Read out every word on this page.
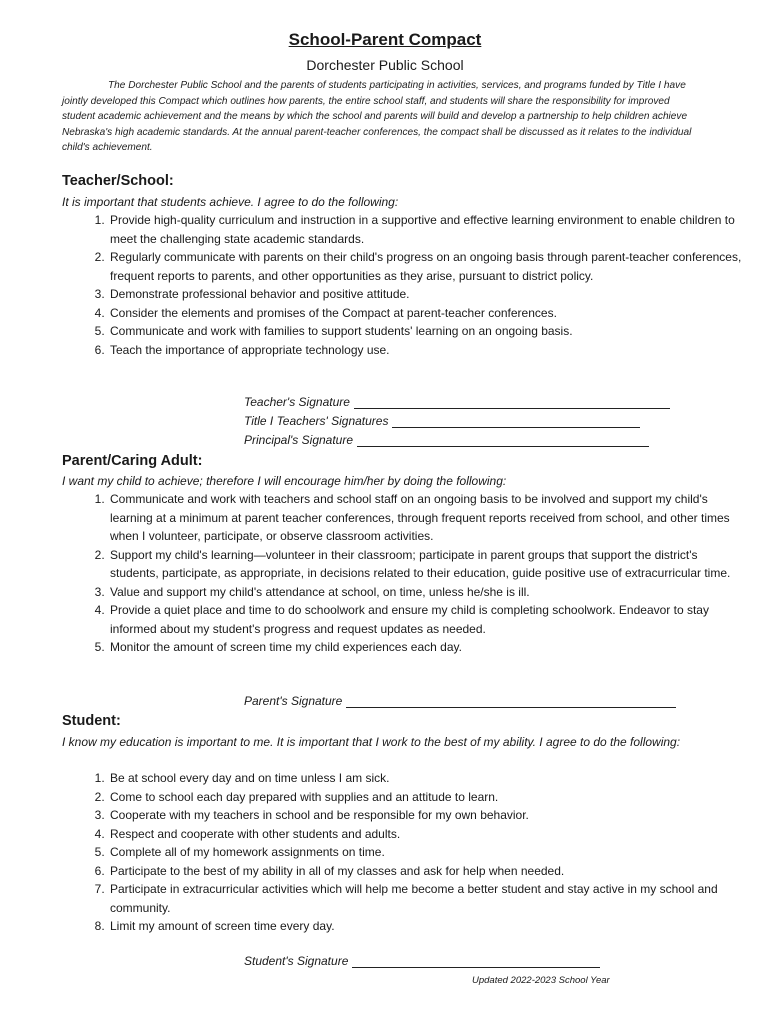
School-Parent Compact
Dorchester Public School
The Dorchester Public School and the parents of students participating in activities, services, and programs funded by Title I have jointly developed this Compact which outlines how parents, the entire school staff, and students will share the responsibility for improved student academic achievement and the means by which the school and parents will build and develop a partnership to help children achieve Nebraska's high academic standards. At the annual parent-teacher conferences, the compact shall be discussed as it relates to the individual child's achievement.
Teacher/School:
It is important that students achieve. I agree to do the following:
1. Provide high-quality curriculum and instruction in a supportive and effective learning environment to enable children to meet the challenging state academic standards.
2. Regularly communicate with parents on their child's progress on an ongoing basis through parent-teacher conferences, frequent reports to parents, and other opportunities as they arise, pursuant to district policy.
3. Demonstrate professional behavior and positive attitude.
4. Consider the elements and promises of the Compact at parent-teacher conferences.
5. Communicate and work with families to support students' learning on an ongoing basis.
6. Teach the importance of appropriate technology use.
Teacher's Signature
Title I Teachers' Signatures
Principal's Signature
Parent/Caring Adult:
I want my child to achieve; therefore I will encourage him/her by doing the following:
1. Communicate and work with teachers and school staff on an ongoing basis to be involved and support my child's learning at a minimum at parent teacher conferences, through frequent reports received from school, and other times when I volunteer, participate, or observe classroom activities.
2. Support my child's learning—volunteer in their classroom; participate in parent groups that support the district's students, participate, as appropriate, in decisions related to their education, guide positive use of extracurricular time.
3. Value and support my child's attendance at school, on time, unless he/she is ill.
4. Provide a quiet place and time to do schoolwork and ensure my child is completing schoolwork. Endeavor to stay informed about my student's progress and request updates as needed.
5. Monitor the amount of screen time my child experiences each day.
Parent's Signature
Student:
I know my education is important to me. It is important that I work to the best of my ability. I agree to do the following:
1. Be at school every day and on time unless I am sick.
2. Come to school each day prepared with supplies and an attitude to learn.
3. Cooperate with my teachers in school and be responsible for my own behavior.
4. Respect and cooperate with other students and adults.
5. Complete all of my homework assignments on time.
6. Participate to the best of my ability in all of my classes and ask for help when needed.
7. Participate in extracurricular activities which will help me become a better student and stay active in my school and community.
8. Limit my amount of screen time every day.
Student's Signature
Updated 2022-2023 School Year
